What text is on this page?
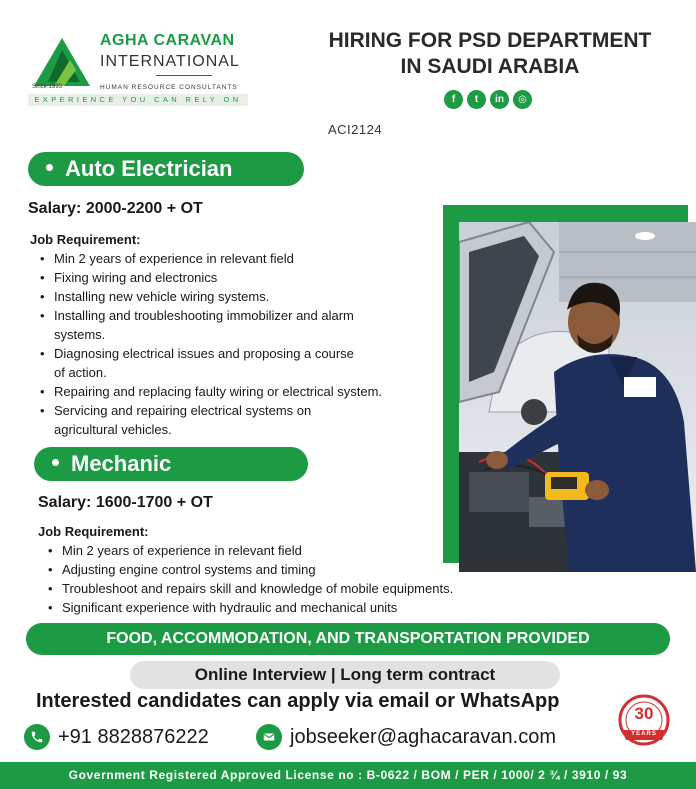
AGHA CARAVAN
INTERNATIONAL
Since 1993	HUMAN RESOURCE CONSULTANTS
EXPERIENCE YOU CAN RELY ON
HIRING FOR PSD DEPARTMENT
IN SAUDI ARABIA
f	t	in	◎
ACI2124
Auto Electrician
Salary: 2000-2200 + OT
Job Requirement:
• Min 2 years of experience in relevant field
• Fixing wiring and electronics
• Installing new vehicle wiring systems.
• Installing and troubleshooting immobilizer and alarm
systems.
• Diagnosing electrical issues and proposing a course
of action.
• Repairing and replacing faulty wiring or electrical system.
• Servicing and repairing electrical systems on
agricultural vehicles.
Mechanic
Salary: 1600-1700 + OT
Job Requirement:
• Min 2 years of experience in relevant field
• Adjusting engine control systems and timing
• Troubleshoot and repairs skill and knowledge of mobile equipments.
• Significant experience with hydraulic and mechanical units
FOOD, ACCOMMODATION, AND TRANSPORTATION PROVIDED
Online Interview | Long term contract
Interested candidates can apply via email or WhatsApp
+91 8828876222	jobseeker@aghacaravan.com
30
YEARS
Government Registered Approved License no : B-0622 / BOM / PER / 1000/ 2 ¾ / 3910 / 93
